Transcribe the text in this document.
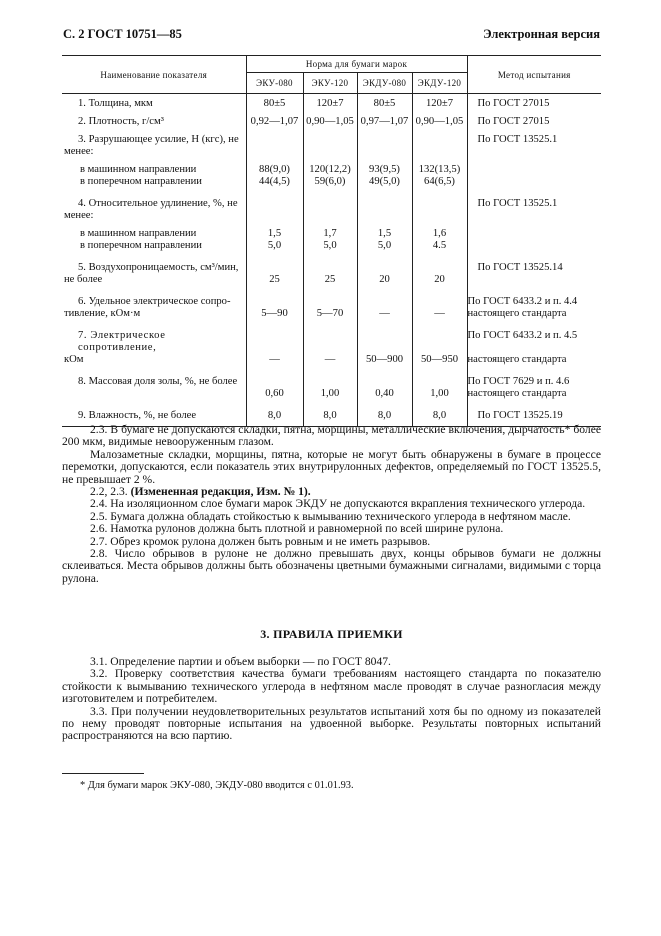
С. 2 ГОСТ 10751—85	Электронная версия
Наименование показателя	Норма для бумаги марок				Метод испытания
	ЭКУ-080	ЭКУ-120	ЭКДУ-080	ЭКДУ-120	

1. Толщина, мкм	80±5	120±7	80±5	120±7	По ГОСТ 27015

2. Плотность, г/см³	0,92—1,07	0,90—1,05	0,97—1,07	0,90—1,05	По ГОСТ 27015

3. Разрушающее усилие, Н (кгс), не					По ГОСТ 13525.1
менее:					

в машинном направлении	88(9,0)	120(12,2)	93(9,5)	132(13,5)	
в поперечном направлении	44(4,5)	59(6,0)	49(5,0)	64(6,5)	

4. Относительное удлинение, %, не					По ГОСТ 13525.1
менее:					

в машинном направлении	1,5	1,7	1,5	1,6	
в поперечном направлении	5,0	5,0	5,0	4.5	

5. Воздухопроницаемость, см³/мин,					По ГОСТ 13525.14
не более	25	25	20	20	

6. Удельное электрическое сопро-					По ГОСТ 6433.2 и п. 4.4
тивление, кОм·м	5—90	5—70	—	—	настоящего стандарта

7. Электрическое сопротивление,					По ГОСТ 6433.2 и п. 4.5
кОм	—	—	50—900	50—950	настоящего стандарта

8. Массовая доля золы, %, не более					По ГОСТ 7629 и п. 4.6
	0,60	1,00	0,40	1,00	настоящего стандарта

9. Влажность, %, не более	8,0	8,0	8,0	8,0	По ГОСТ 13525.19

2.3. В бумаге не допускаются складки, пятна, морщины, металлические включения, дырчатость* более 200 мкм, видимые невооруженным глазом.

Малозаметные складки, морщины, пятна, которые не могут быть обнаружены в бумаге в процессе перемотки, допускаются, если показатель этих внутрирулонных дефектов, определяемый по ГОСТ 13525.5, не превышает 2 %.

2.2, 2.3. (Измененная редакция, Изм. № 1).

2.4. На изоляционном слое бумаги марок ЭКДУ не допускаются вкрапления технического углерода.

2.5. Бумага должна обладать стойкостью к вымыванию технического углерода в нефтяном масле.

2.6. Намотка рулонов должна быть плотной и равномерной по всей ширине рулона.

2.7. Обрез кромок рулона должен быть ровным и не иметь разрывов.

2.8. Число обрывов в рулоне не должно превышать двух, концы обрывов бумаги не должны склеиваться. Места обрывов должны быть обозначены цветными бумажными сигналами, видимыми с торца рулона.

3. ПРАВИЛА ПРИЕМКИ

3.1. Определение партии и объем выборки — по ГОСТ 8047.

3.2. Проверку соответствия качества бумаги требованиям настоящего стандарта по показателю стойкости к вымыванию технического углерода в нефтяном масле проводят в случае разногласия между изготовителем и потребителем.

3.3. При получении неудовлетворительных результатов испытаний хотя бы по одному из показателей по нему проводят повторные испытания на удвоенной выборке. Результаты повторных испытаний распространяются на всю партию.

* Для бумаги марок ЭКУ-080, ЭКДУ-080 вводится с 01.01.93.
